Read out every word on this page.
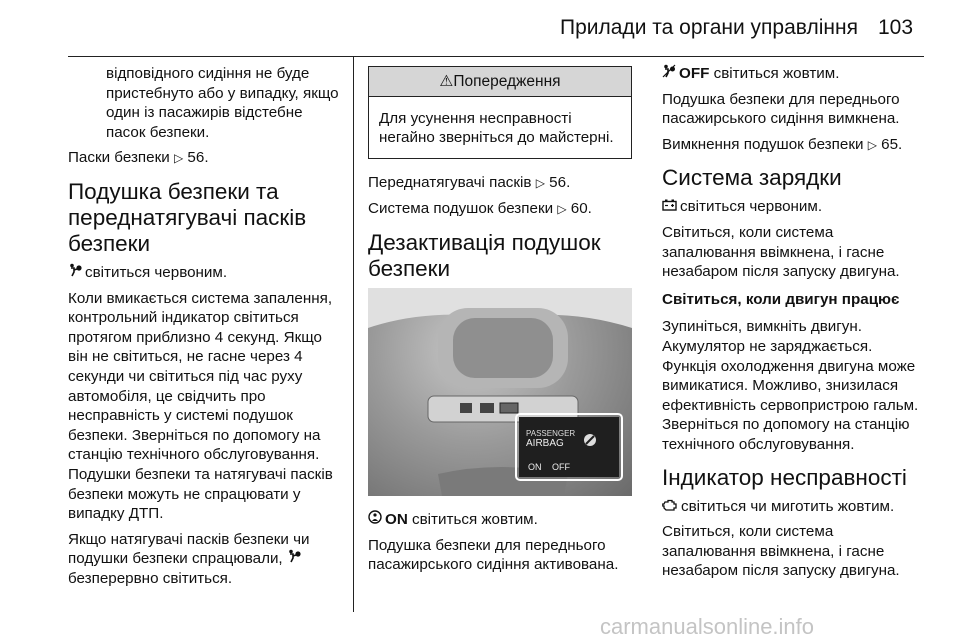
Прилади та органи управління 103
відповідного сидіння не буде пристебнуто або у випадку, якщо один із пасажирів відстебне пасок безпеки.
Паски безпеки ▷ 56.
Подушка безпеки та переднатягувачі пасків безпеки
світиться червоним.
Коли вмикається система запалення, контрольний індикатор світиться протягом приблизно 4 секунд. Якщо він не світиться, не гасне через 4 секунди чи світиться під час руху автомобіля, це свідчить про несправність у системі подушок безпеки. Зверніться по допомогу на станцію технічного обслуговування. Подушки безпеки та натягувачі пасків безпеки можуть не спрацювати у випадку ДТП.
Якщо натягувачі пасків безпеки чи подушки безпеки спрацювали,  безперервно світиться.
⚠Попередження
Для усунення несправності негайно зверніться до майстерні.
Переднатягувачі пасків ▷ 56.
Система подушок безпеки ▷ 60.
Дезактивація подушок безпеки
PASSENGER
AIRBAG
ON OFF
ON світиться жовтим.
Подушка безпеки для переднього пасажирського сидіння активована.
OFF світиться жовтим.
Подушка безпеки для переднього пасажирського сидіння вимкнена.
Вимкнення подушок безпеки ▷ 65.
Система зарядки
світиться червоним.
Світиться, коли система запалювання ввімкнена, і гасне незабаром після запуску двигуна.
Світиться, коли двигун працює
Зупиніться, вимкніть двигун. Акумулятор не заряджається. Функція охолодження двигуна може вимикатися. Можливо, знизилася ефективність сервопристрою гальм. Зверніться по допомогу на станцію технічного обслуговування.
Індикатор несправності
світиться чи миготить жовтим.
Світиться, коли система запалювання ввімкнена, і гасне незабаром після запуску двигуна.
carmanualsonline.info
